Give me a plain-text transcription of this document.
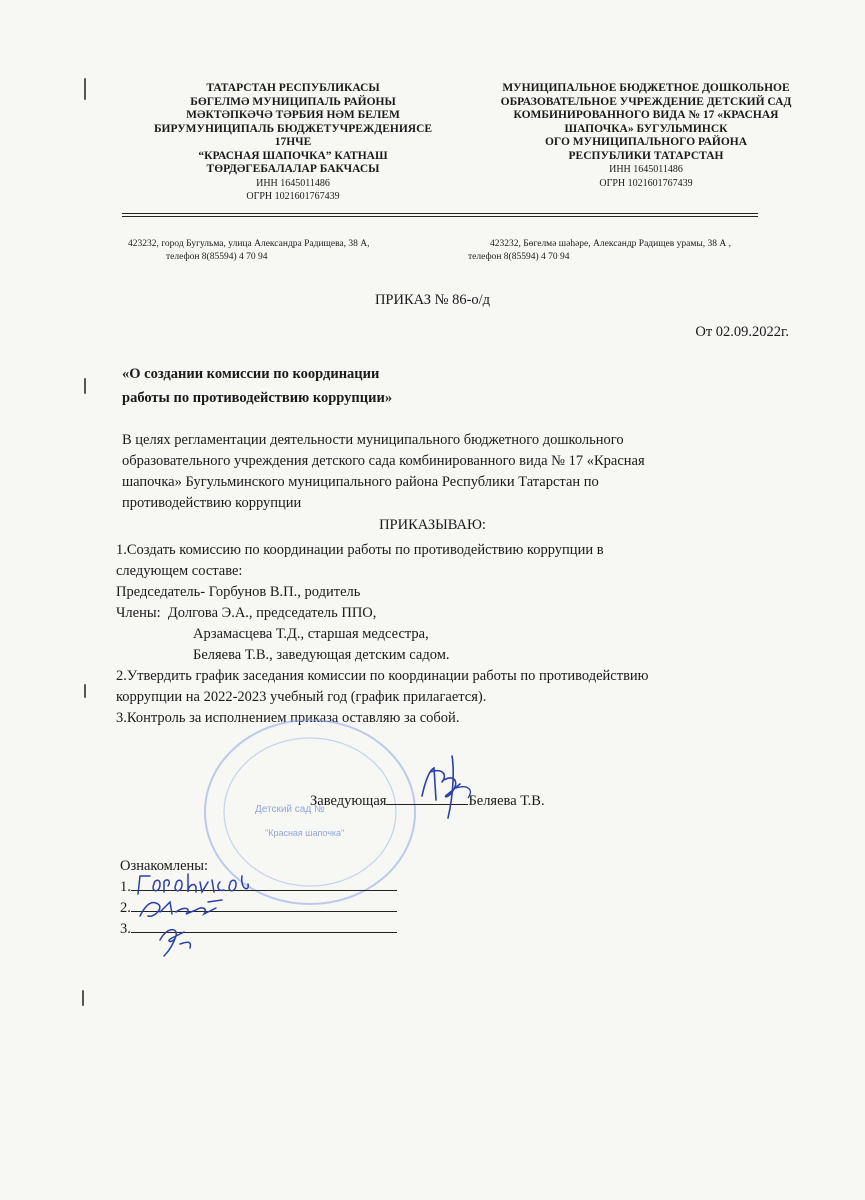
ТАТАРСТАН РЕСПУБЛИКАСЫ
БӨГЕЛМӘ МУНИЦИПАЛЬ РАЙОНЫ
МӘКТӘПКӘЧӘ ТӘРБИЯ НӘМ БЕЛЕМ
БИРУМУНИЦИПАЛЬ БЮДЖЕТУЧРЕЖДЕНИЯСЕ
17НЧЕ
“КРАСНАЯ ШАПОЧКА” КАТНАШ
ТӨРДӘГЕБАЛАЛАР БАКЧАСЫ
ИНН 1645011486
ОГРН 1021601767439
МУНИЦИПАЛЬНОЕ БЮДЖЕТНОЕ ДОШКОЛЬНОЕ
ОБРАЗОВАТЕЛЬНОЕ УЧРЕЖДЕНИЕ ДЕТСКИЙ САД
КОМБИНИРОВАННОГО ВИДА № 17 «КРАСНАЯ
ШАПОЧКА» БУГУЛЬМИНСК
ОГО МУНИЦИПАЛЬНОГО РАЙОНА
РЕСПУБЛИКИ ТАТАРСТАН
ИНН 1645011486
ОГРН 1021601767439
423232, город Бугульма, улица Александра Радищева, 38 А,
телефон 8(85594) 4 70 94
423232, Бөгелмә шәһәре, Александр Радищев урамы, 38 А ,
телефон 8(85594) 4 70 94
ПРИКАЗ № 86-о/д
От 02.09.2022г.
«О создании комиссии по координации
работы по противодействию коррупции»
В целях регламентации деятельности муниципального бюджетного дошкольного
образовательного учреждения детского сада комбинированного вида № 17 «Красная
шапочка» Бугульминского муниципального района Республики Татарстан по
противодействию коррупции
ПРИКАЗЫВАЮ:
1.Создать комиссию по координации работы по противодействию коррупции в
следующем составе:
Председатель- Горбунов В.П., родитель
Члены: Долгова Э.А., председатель ППО,
Арзамасцева Т.Д., старшая медсестра,
Беляева Т.В., заведующая детским садом.
2.Утвердить график заседания комиссии по координации работы по противодействию
коррупции на 2022-2023 учебный год (график прилагается).
3.Контроль за исполнением приказа оставляю за собой.
Детский сад №
"Красная шапочка"
Заведующая	Беляева Т.В.
Ознакомлены:
1.
2.
3.
